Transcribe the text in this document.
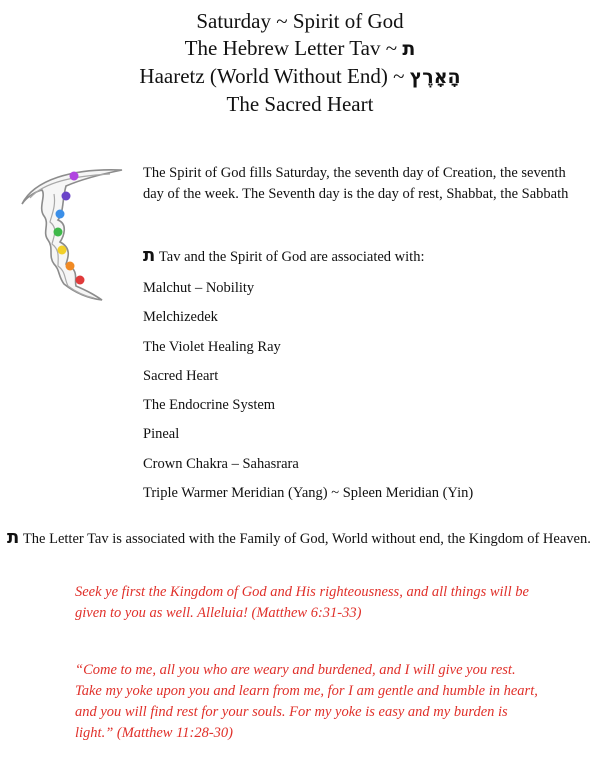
Saturday ~ Spirit of God
The Hebrew Letter Tav ~ ת
Haaretz (World Without End) ~ הָאָרֶץ
The Sacred Heart
The Spirit of God fills Saturday, the seventh day of Creation, the seventh day of the week. The Seventh day is the day of rest, Shabbat, the Sabbath
ת Tav and the Spirit of God are associated with:
Malchut – Nobility
Melchizedek
The Violet Healing Ray
Sacred Heart
The Endocrine System
Pineal
Crown Chakra – Sahasrara
Triple Warmer Meridian (Yang) ~ Spleen Meridian (Yin)
ת The Letter Tav is associated with the Family of God, World without end, the Kingdom of Heaven.
Seek ye first the Kingdom of God and His righteousness, and all things will be given to you as well. Alleluia! (Matthew 6:31-33)
“Come to me, all you who are weary and burdened, and I will give you rest. Take my yoke upon you and learn from me, for I am gentle and humble in heart, and you will find rest for your souls. For my yoke is easy and my burden is light.” (Matthew 11:28-30)
